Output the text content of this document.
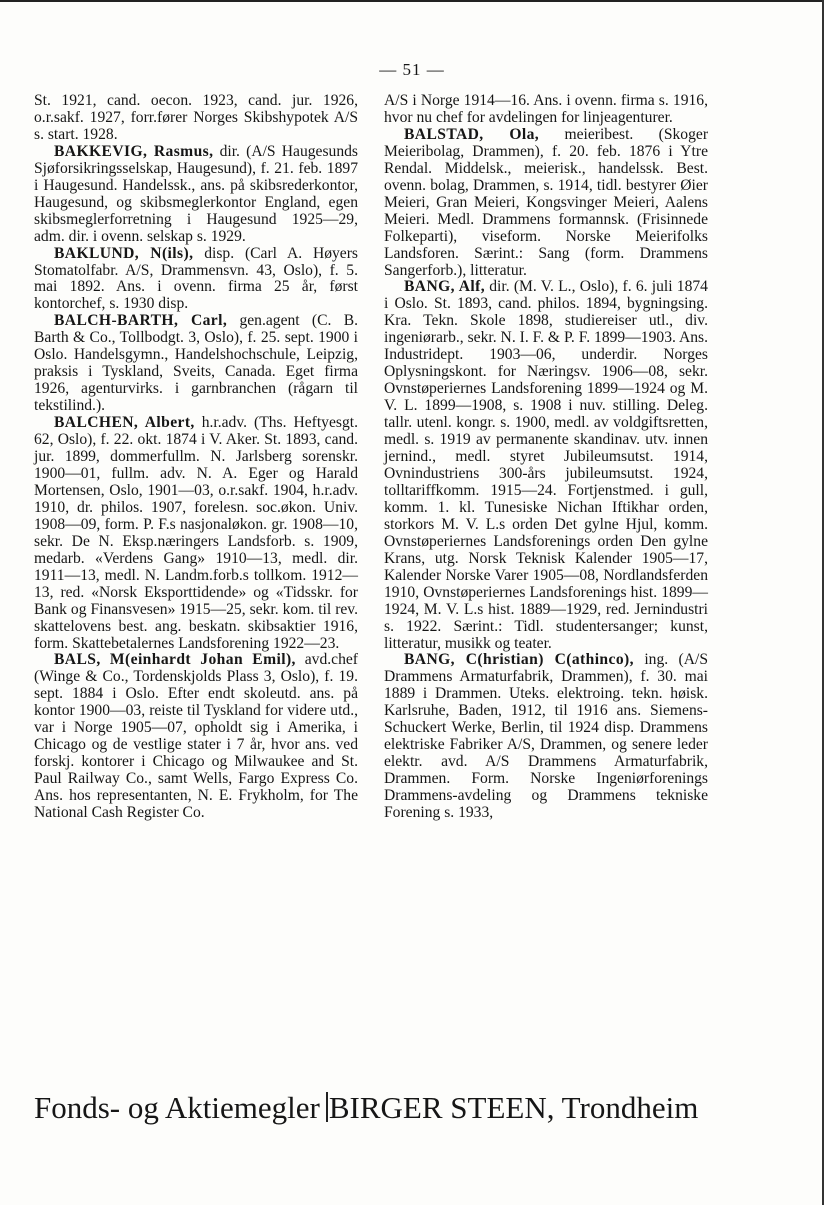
— 51 —

St. 1921, cand. oecon. 1923, cand. jur. 1926, o.r.sakf. 1927, forr.fører Norges Skibshypotek A/S s. start. 1928.

BAKKEVIG, Rasmus, dir. (A/S Haugesunds Sjøforsikringsselskap, Haugesund), f. 21. feb. 1897 i Haugesund. Handelssk., ans. på skibsrederkontor, Haugesund, og skibsmeglerkontor England, egen skibsmeglerforretning i Haugesund 1925—29, adm. dir. i ovenn. selskap s. 1929.

BAKLUND, N(ils), disp. (Carl A. Høyers Stomatolfabr. A/S, Drammensvn. 43, Oslo), f. 5. mai 1892. Ans. i ovenn. firma 25 år, først kontorchef, s. 1930 disp.

BALCH-BARTH, Carl, gen.agent (C. B. Barth & Co., Tollbodgt. 3, Oslo), f. 25. sept. 1900 i Oslo. Handelsgymn., Handelshochschule, Leipzig, praksis i Tyskland, Sveits, Canada. Eget firma 1926, agenturvirks. i garnbranchen (rågarn til tekstilind.).

BALCHEN, Albert, h.r.adv. (Ths. Heftyesgt. 62, Oslo), f. 22. okt. 1874 i V. Aker. St. 1893, cand. jur. 1899, dommerfullm. N. Jarlsberg sorenskr. 1900—01, fullm. adv. N. A. Eger og Harald Mortensen, Oslo, 1901—03, o.r.sakf. 1904, h.r.adv. 1910, dr. philos. 1907, forelesn. soc.økon. Univ. 1908—09, form. P. F.s nasjonaløkon. gr. 1908—10, sekr. De N. Eksp.næringers Landsforb. s. 1909, medarb. «Verdens Gang» 1910—13, medl. dir. 1911—13, medl. N. Landm.forb.s tollkom. 1912—13, red. «Norsk Eksporttidende» og «Tidsskr. for Bank og Finansvesen» 1915—25, sekr. kom. til rev. skattelovens best. ang. beskatn. skibsaktier 1916, form. Skattebetalernes Landsforening 1922—23.

BALS, M(einhardt Johan Emil), avd.chef (Winge & Co., Tordenskjolds Plass 3, Oslo), f. 19. sept. 1884 i Oslo. Efter endt skoleutd. ans. på kontor 1900—03, reiste til Tyskland for videre utd., var i Norge 1905—07, opholdt sig i Amerika, i Chicago og de vestlige stater i 7 år, hvor ans. ved forskj. kontorer i Chicago og Milwaukee and St. Paul Railway Co., samt Wells, Fargo Express Co. Ans. hos representanten, N. E. Frykholm, for The National Cash Register Co.

A/S i Norge 1914—16. Ans. i ovenn. firma s. 1916, hvor nu chef for avdelingen for linjeagenturer.

BALSTAD, Ola, meieribest. (Skoger Meieribolag, Drammen), f. 20. feb. 1876 i Ytre Rendal. Middelsk., meierisk., handelssk. Best. ovenn. bolag, Drammen, s. 1914, tidl. bestyrer Øier Meieri, Gran Meieri, Kongsvinger Meieri, Aalens Meieri. Medl. Drammens formannsk. (Frisinnede Folkeparti), viseform. Norske Meierifolks Landsforen. Særint.: Sang (form. Drammens Sangerforb.), litteratur.

BANG, Alf, dir. (M. V. L., Oslo), f. 6. juli 1874 i Oslo. St. 1893, cand. philos. 1894, bygningsing. Kra. Tekn. Skole 1898, studiereiser utl., div. ingeniørarb., sekr. N. I. F. & P. F. 1899—1903. Ans. Industridept. 1903—06, underdir. Norges Oplysningskont. for Næringsv. 1906—08, sekr. Ovnstøperiernes Landsforening 1899—1924 og M. V. L. 1899—1908, s. 1908 i nuv. stilling. Deleg. tallr. utenl. kongr. s. 1900, medl. av voldgiftsretten, medl. s. 1919 av permanente skandinav. utv. innen jernind., medl. styret Jubileumsutst. 1914, Ovnindustriens 300-års jubileumsutst. 1924, tolltariffkomm. 1915—24. Fortjenstmed. i gull, komm. 1. kl. Tunesiske Nichan Iftikhar orden, storkors M. V. L.s orden Det gylne Hjul, komm. Ovnstøperiernes Landsforenings orden Den gylne Krans, utg. Norsk Teknisk Kalender 1905—17, Kalender Norske Varer 1905—08, Nordlandsferden 1910, Ovnstøperiernes Landsforenings hist. 1899—1924, M. V. L.s hist. 1889—1929, red. Jernindustri s. 1922. Særint.: Tidl. studentersanger; kunst, litteratur, musikk og teater.

BANG, C(hristian) C(athinco), ing. (A/S Drammens Armaturfabrik, Drammen), f. 30. mai 1889 i Drammen. Uteks. elektroing. tekn. høisk. Karlsruhe, Baden, 1912, til 1916 ans. Siemens-Schuckert Werke, Berlin, til 1924 disp. Drammens elektriske Fabriker A/S, Drammen, og senere leder elektr. avd. A/S Drammens Armaturfabrik, Drammen. Form. Norske Ingeniørforenings Drammens-avdeling og Drammens tekniske Forening s. 1933,

Fonds- og Aktiemegler BIRGER STEEN, Trondheim
